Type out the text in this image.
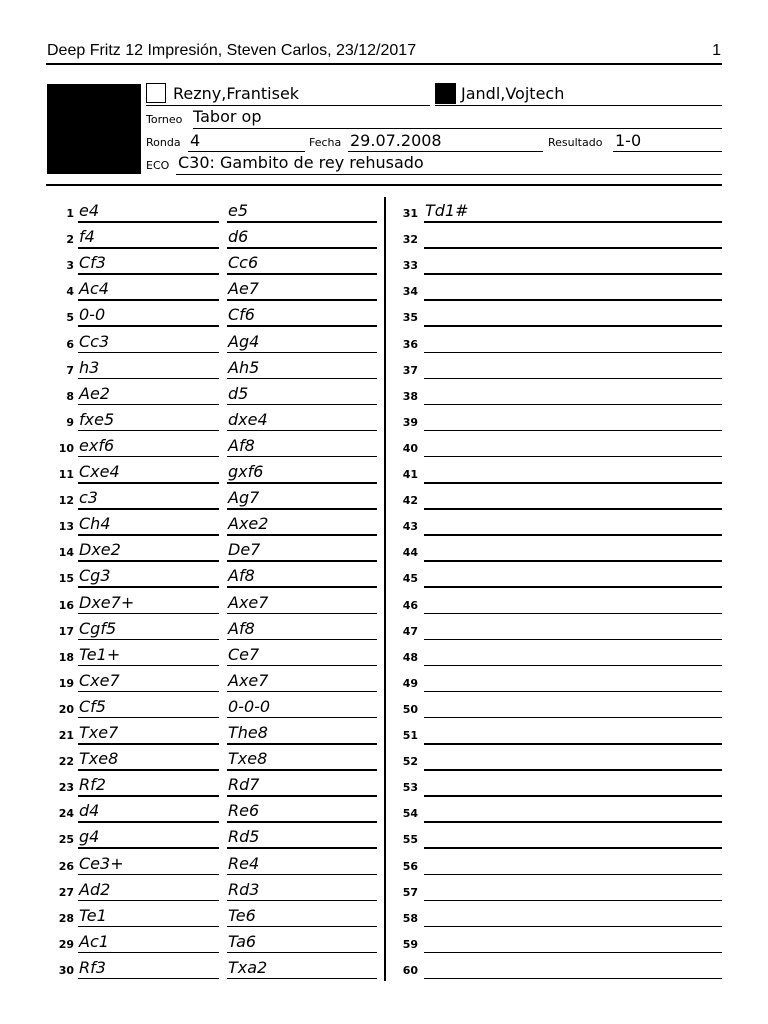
Deep Fritz 12 Impresión, Steven Carlos, 23/12/2017	1
Rezny,Frantisek	Jandl,Vojtech
Torneo Tabor op
Ronda 4	Fecha 29.07.2008	Resultado 1-0
ECO C30: Gambito de rey rehusado
1 e4	e5
2 f4	d6
3 Cf3	Cc6
4 Ac4	Ae7
5 0-0	Cf6
6 Cc3	Ag4
7 h3	Ah5
8 Ae2	d5
9 fxe5	dxe4
10 exf6	Af8
11 Cxe4	gxf6
12 c3	Ag7
13 Ch4	Axe2
14 Dxe2	De7
15 Cg3	Af8
16 Dxe7+	Axe7
17 Cgf5	Af8
18 Te1+	Ce7
19 Cxe7	Axe7
20 Cf5	0-0-0
21 Txe7	The8
22 Txe8	Txe8
23 Rf2	Rd7
24 d4	Re6
25 g4	Rd5
26 Ce3+	Re4
27 Ad2	Rd3
28 Te1	Te6
29 Ac1	Ta6
30 Rf3	Txa2
31 Td1#
32
33
34
35
36
37
38
39
40
41
42
43
44
45
46
47
48
49
50
51
52
53
54
55
56
57
58
59
60
